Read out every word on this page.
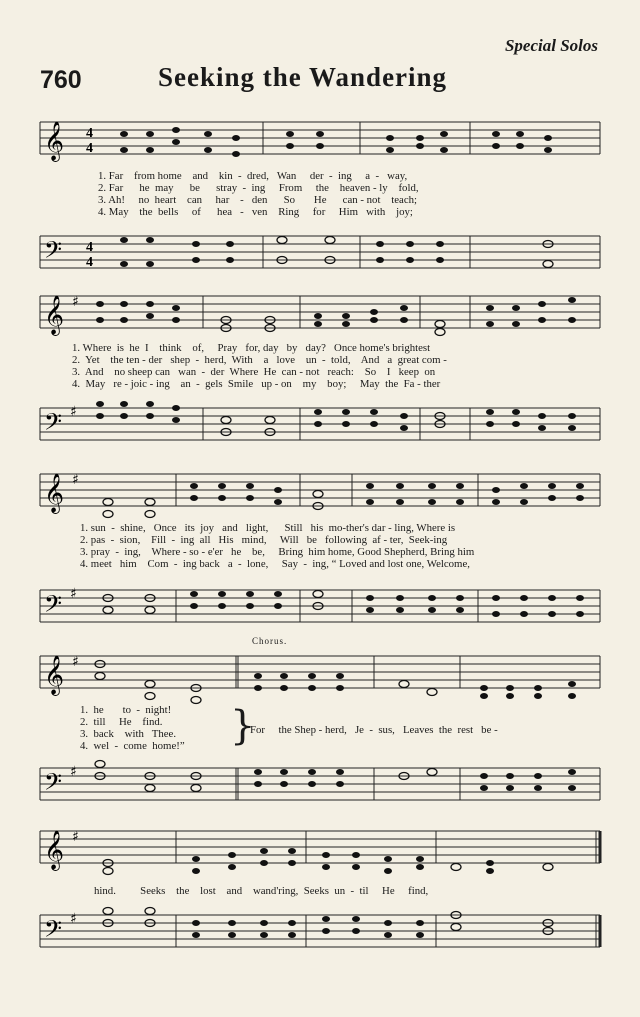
Special Solos
760	Seeking the Wandering
𝄞 4
4
1. Far    from home    and    kin  -  dred,   Wan     der  -  ing     a  -   way,
2. Far      he  may      be      stray  -  ing     From     the    heaven - ly    fold,
3. Ah!     no  heart    can     har    -   den      So       He      can - not    teach;
4. May    the  bells     of      hea   -   ven    Ring     for     Him   with    joy;
𝄢 4
4
𝄞 ♯
1. Where  is  he  I    think    of,     Pray   for, day   by   day?   Once home's brightest
2.  Yet    the ten - der   shep  -  herd,  With    a   love    un  -  told,    And   a  great com -
3.  And    no sheep can   wan  -  der  Where  He  can - not   reach:    So    I   keep  on
4.  May   re - joic - ing    an  -  gels  Smile   up - on    my    boy;     May  the  Fa - ther
𝄢 ♯
𝄞 ♯
1. sun  -  shine,   Once   its  joy   and   light,      Still   his  mo-ther's dar - ling, Where is
2. pas  -  sion,    Fill  -  ing  all   His   mind,     Will   be   following  af - ter,  Seek-ing
3. pray  -  ing,    Where - so - e'er   he    be,     Bring  him home, Good Shepherd, Bring him
4. meet   him    Com  -  ing back   a  -  lone,     Say  -  ing, “ Loved and lost one, Welcome,
𝄢 ♯
Chorus.
𝄞 ♯
1.  he       to  -  night!
2.  till     He    find.
3.  back    with   Thee.
4.  wel  -  come  home!” }
For     the Shep - herd,   Je  -  sus,   Leaves  the  rest   be -
𝄢 ♯
𝄞 ♯
hind.         Seeks    the    lost    and    wand'ring,  Seeks  un  -  til     He     find,
𝄢 ♯
